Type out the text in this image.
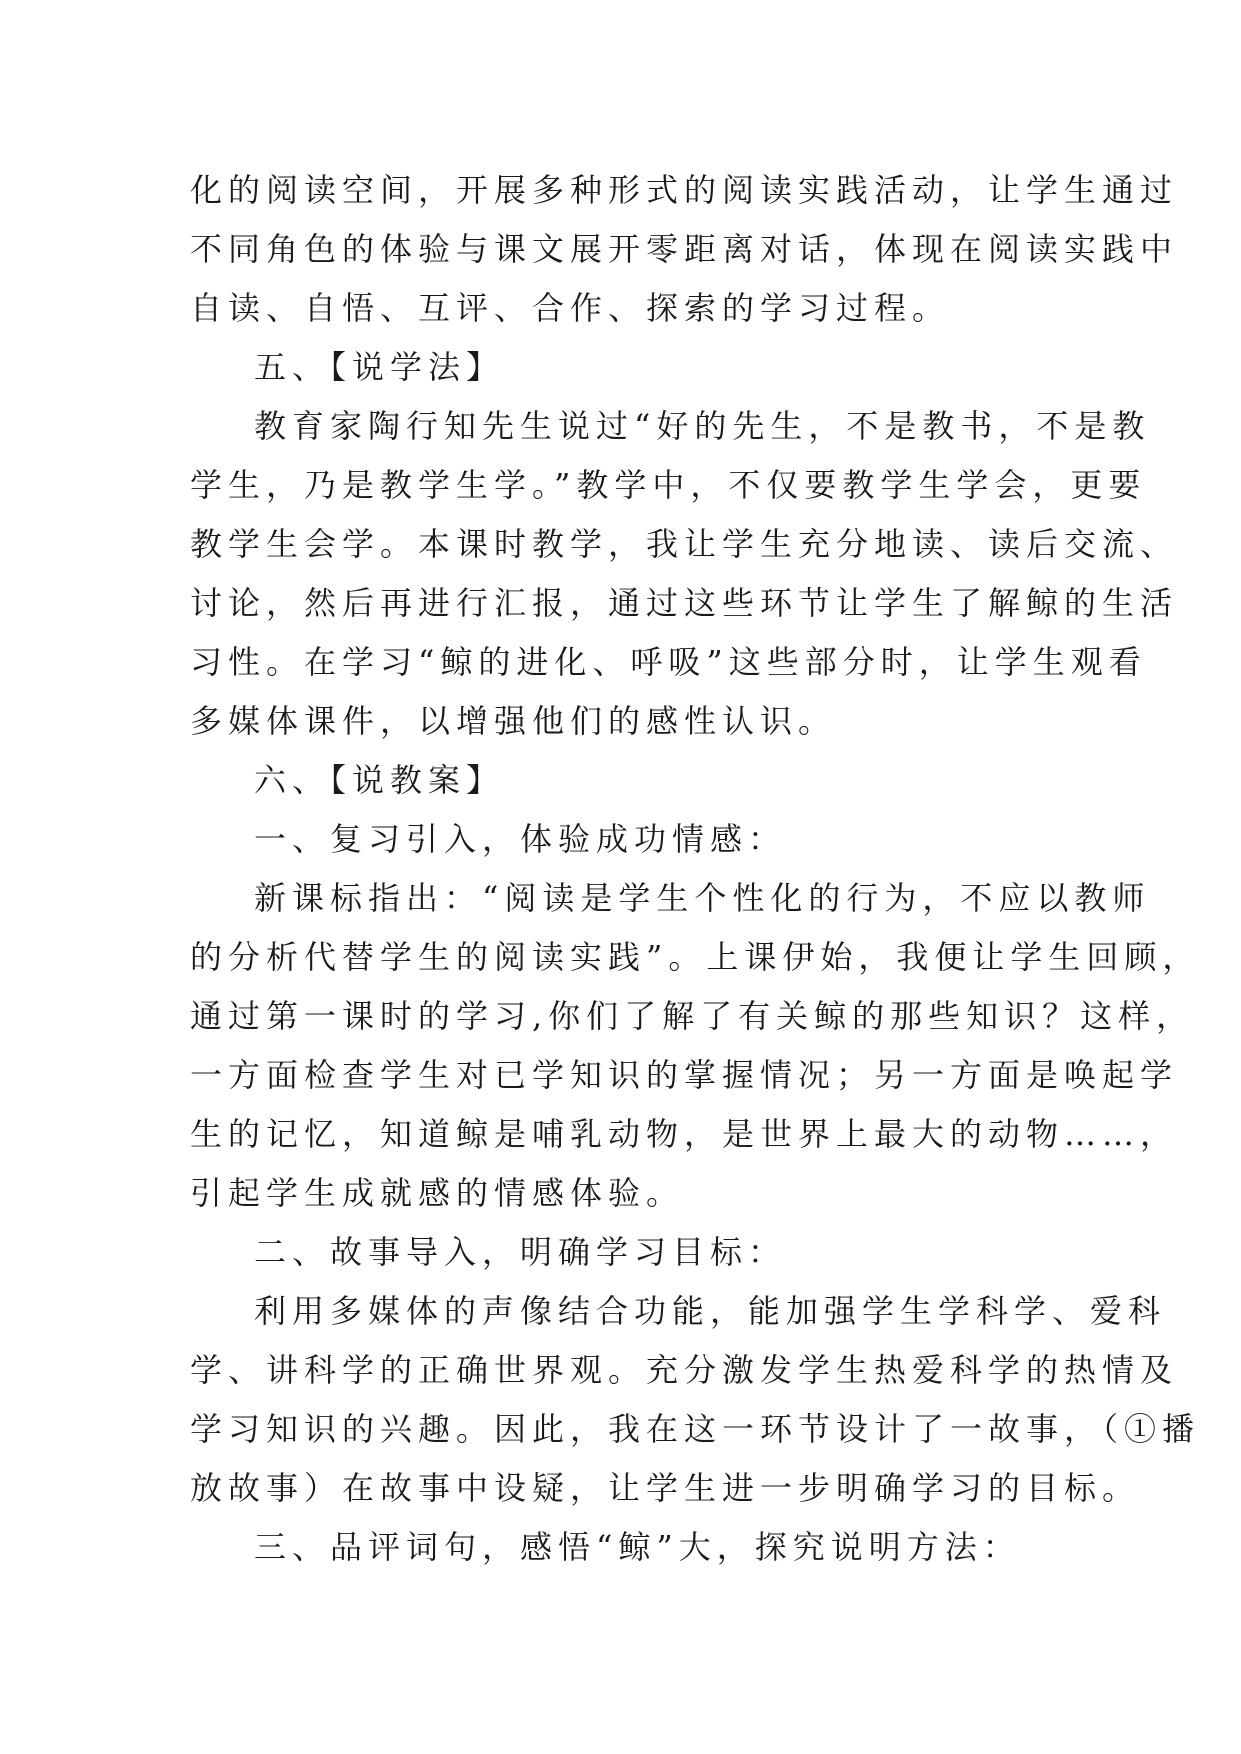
化的阅读空间，开展多种形式的阅读实践活动，让学生通过
不同角色的体验与课文展开零距离对话，体现在阅读实践中
自读、自悟、互评、合作、探索的学习过程。
五、【说学法】
教育家陶行知先生说过“好的先生，不是教书，不是教
学生，乃是教学生学。”教学中，不仅要教学生学会，更要
教学生会学。本课时教学，我让学生充分地读、读后交流、
讨论，然后再进行汇报，通过这些环节让学生了解鲸的生活
习性。在学习“鲸的进化、呼吸”这些部分时，让学生观看
多媒体课件，以增强他们的感性认识。
六、【说教案】
一、复习引入，体验成功情感：
新课标指出：“阅读是学生个性化的行为，不应以教师
的分析代替学生的阅读实践”。上课伊始，我便让学生回顾，
通过第一课时的学习,你们了解了有关鲸的那些知识？这样，
一方面检查学生对已学知识的掌握情况；另一方面是唤起学
生的记忆，知道鲸是哺乳动物，是世界上最大的动物……，
引起学生成就感的情感体验。
二、故事导入，明确学习目标：
利用多媒体的声像结合功能，能加强学生学科学、爱科
学、讲科学的正确世界观。充分激发学生热爱科学的热情及
学习知识的兴趣。因此，我在这一环节设计了一故事，（①播
放故事）在故事中设疑，让学生进一步明确学习的目标。
三、品评词句，感悟“鲸”大，探究说明方法：
